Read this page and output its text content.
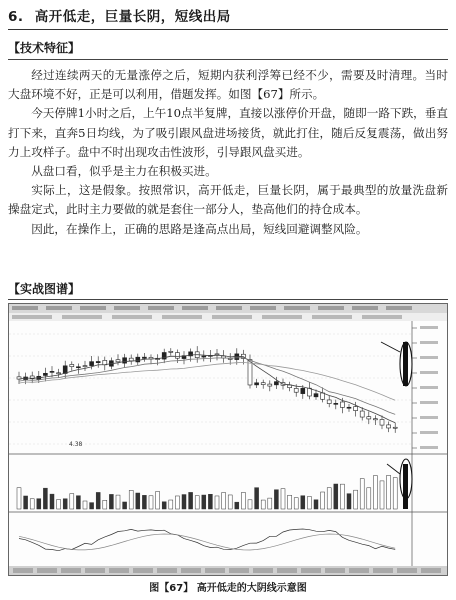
6. 高开低走，巨量长阴，短线出局
【技术特征】

经过连续两天的无量涨停之后，短期内获利浮筹已经不少，需要及时清理。当时大盘环境不好，正是可以利用，借题发挥。如图【67】所示。

今天停牌1小时之后，上午10点半复牌，直接以涨停价开盘，随即一路下跌，垂直打下来，直奔5日均线，为了吸引跟风盘进场接货，就此打住，随后反复震荡，做出努力上攻样子。盘中不时出现攻击性波形，引导跟风盘买进。

从盘口看，似乎是主力在积极买进。

实际上，这是假象。按照常识，高开低走，巨量长阴，属于最典型的放量洗盘新操盘定式，此时主力要做的就是套住一部分人，垫高他们的持仓成本。

因此，在操作上，正确的思路是逢高点出局，短线回避调整风险。

【实战图谱】
4.38
图【67】 高开低走的大阴线示意图
